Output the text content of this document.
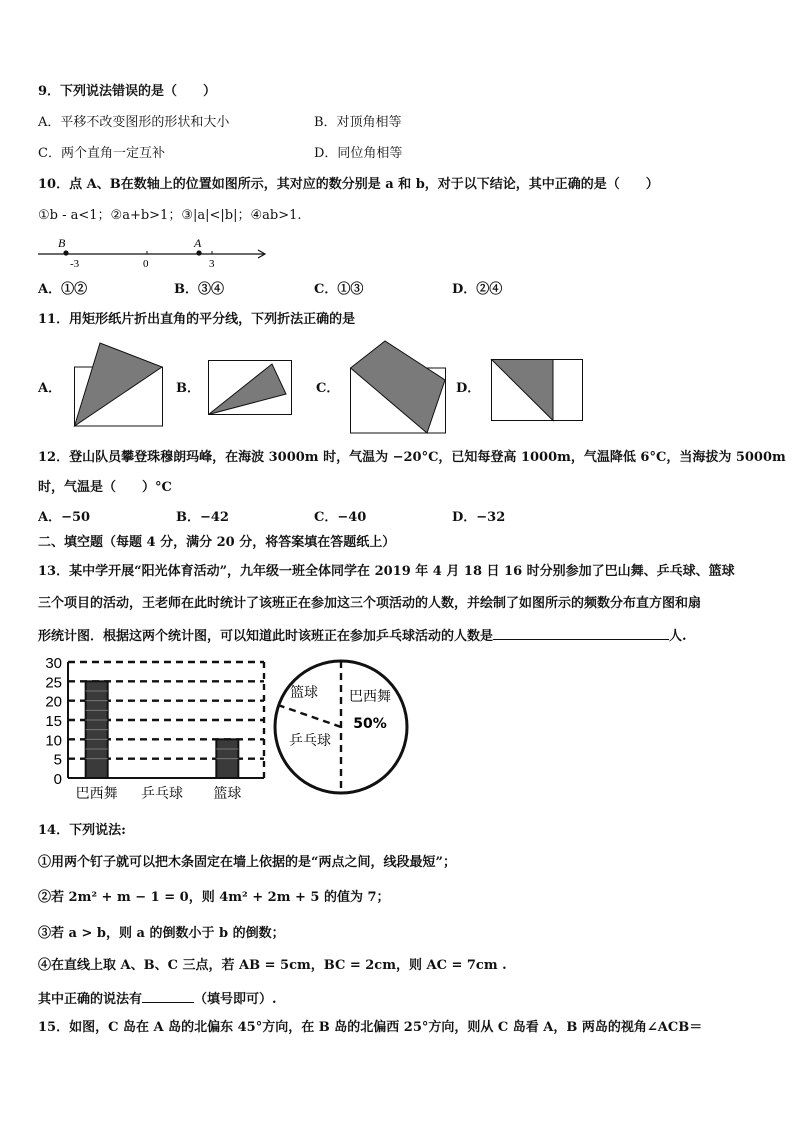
9．下列说法错误的是（　　）
A．平移不改变图形的形状和大小	B．对顶角相等
C．两个直角一定互补	D．同位角相等
10．点 A、B在数轴上的位置如图所示，其对应的数分别是 a 和 b，对于以下结论，其中正确的是（　　）
①b - a<1；②a+b>1；③|a|<|b|；④ab>1.
B	A
-3	0	3
A．①②	B．③④	C．①③	D．②④
11．用矩形纸片折出直角的平分线，下列折法正确的是
A．	B．	C．	D．
12．登山队员攀登珠穆朗玛峰，在海波 3000m 时，气温为 −20°C，已知每登高 1000m，气温降低 6°C，当海拔为 5000m
时，气温是（　　）°C
A．−50	B．−42	C．−40	D．−32
二、填空题（每题 4 分，满分 20 分，将答案填在答题纸上）
13．某中学开展“阳光体育活动”，九年级一班全体同学在 2019 年 4 月 18 日 16 时分别参加了巴山舞、乒乓球、篮球
三个项目的活动，王老师在此时统计了该班正在参加这三个项活动的人数，并绘制了如图所示的频数分布直方图和扇
形统计图．根据这两个统计图，可以知道此时该班正在参加乒乓球活动的人数是	人.
0
5
10
15
20
25
30
巴西舞 乒乓球 篮球
巴西舞
篮球
乒乓球
50%
14．下列说法:
①用两个钉子就可以把木条固定在墙上依据的是“两点之间，线段最短”；
②若 2m² + m − 1 = 0，则 4m² + 2m + 5 的值为 7；
③若 a > b，则 a 的倒数小于 b 的倒数；
④在直线上取 A、B、C 三点，若 AB = 5cm，BC = 2cm，则 AC = 7cm .
其中正确的说法有	（填号即可）.
15．如图，C 岛在 A 岛的北偏东 45°方向，在 B 岛的北偏西 25°方向，则从 C 岛看 A，B 两岛的视角∠ACB＝
